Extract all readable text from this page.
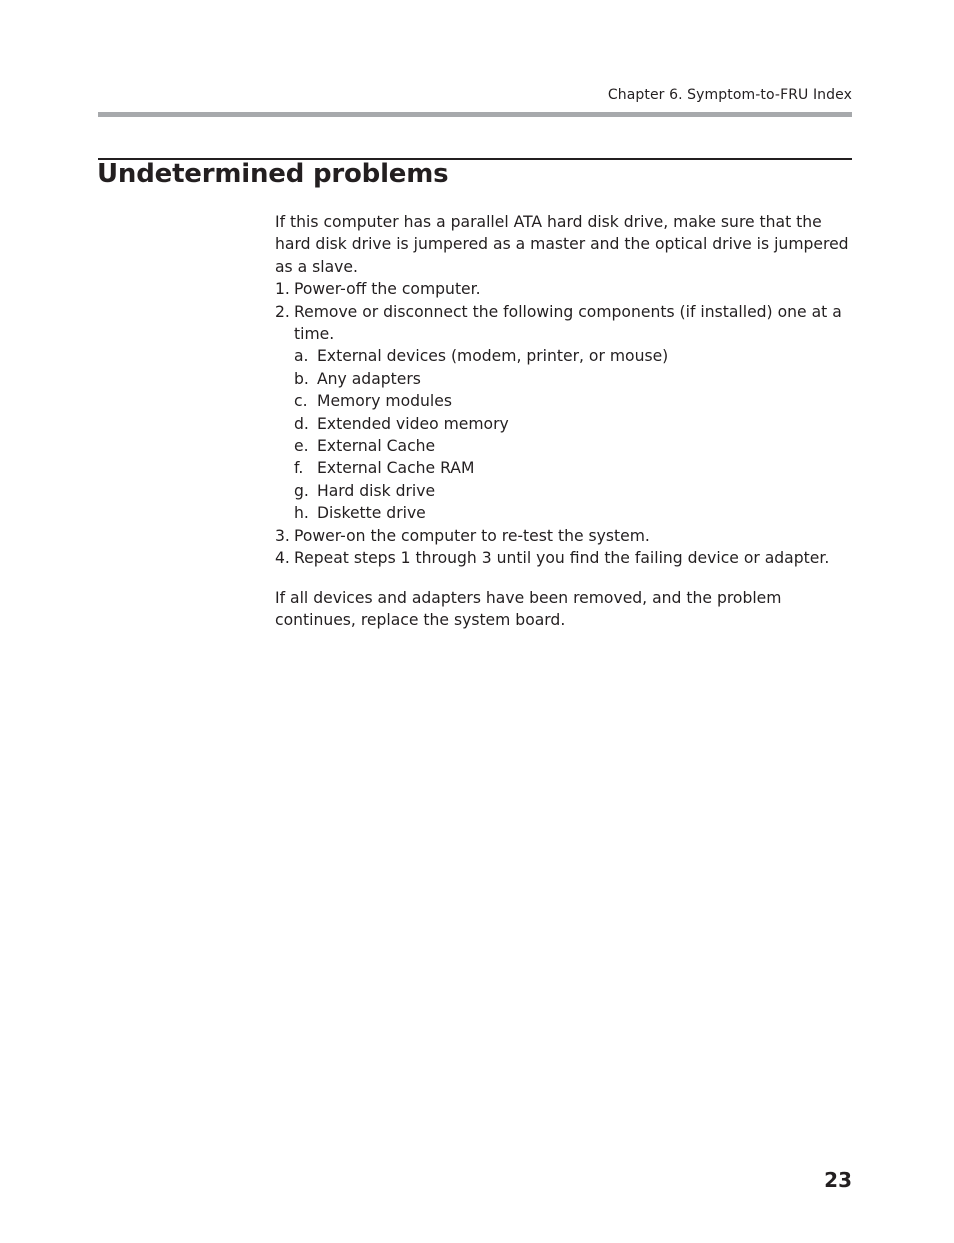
Chapter 6. Symptom-to-FRU Index
Undetermined problems

If this computer has a parallel ATA hard disk drive, make sure that the hard disk drive is jumpered as a master and the optical drive is jumpered as a slave.

1. Power-off the computer.
2. Remove or disconnect the following components (if installed) one at a time.
a. External devices (modem, printer, or mouse)
b. Any adapters
c. Memory modules
d. Extended video memory
e. External Cache
f. External Cache RAM
g. Hard disk drive
h. Diskette drive
3. Power-on the computer to re-test the system.
4. Repeat steps 1 through 3 until you find the failing device or adapter.

If all devices and adapters have been removed, and the problem continues, replace the system board.

23
